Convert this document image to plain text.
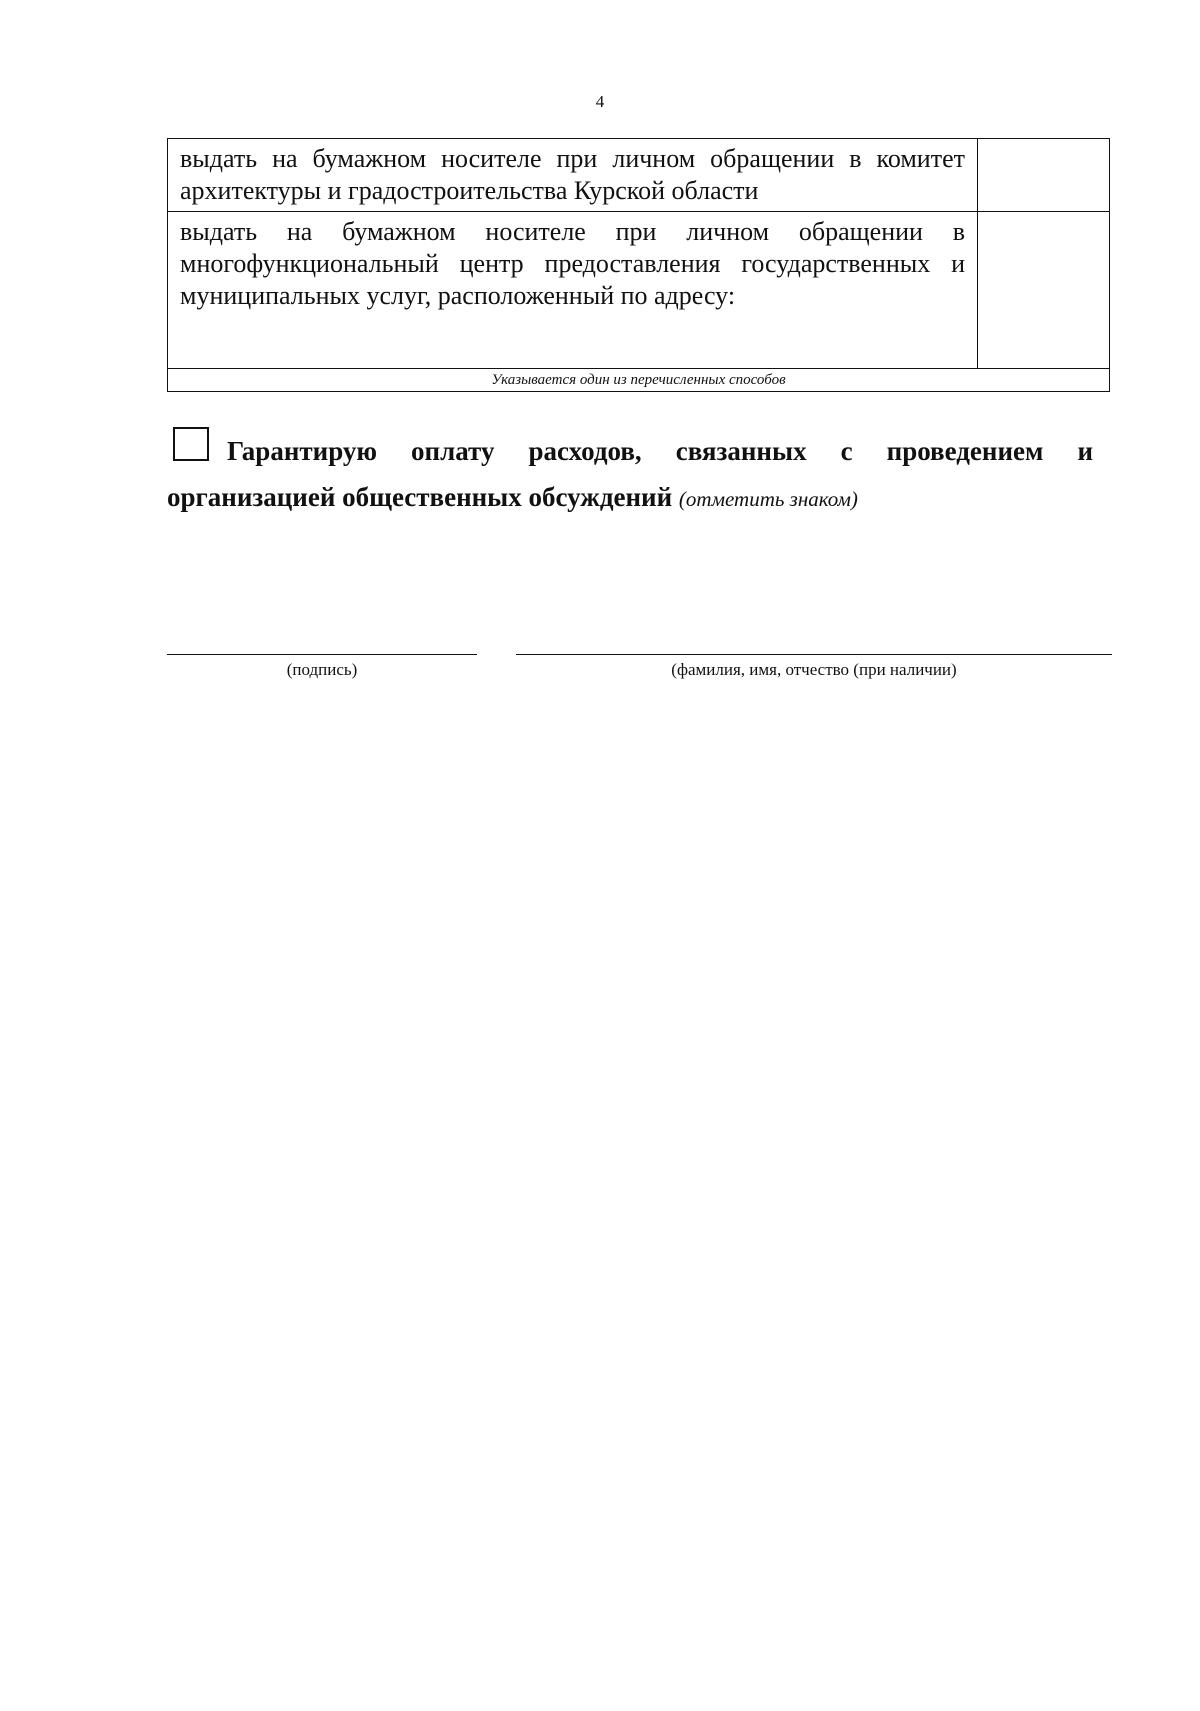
4
выдать на бумажном носителе при личном обращении в комитет архитектуры и градостроительства Курской области	

выдать на бумажном носителе при личном обращении в многофункциональный центр предоставления государственных и муниципальных услуг, расположенный по адресу:	

Указывается один из перечисленных способов	
Гарантирую оплату расходов, связанных с проведением и
организацией общественных обсуждений (отметить знаком)
(подпись)	(фамилия, имя, отчество (при наличии)
